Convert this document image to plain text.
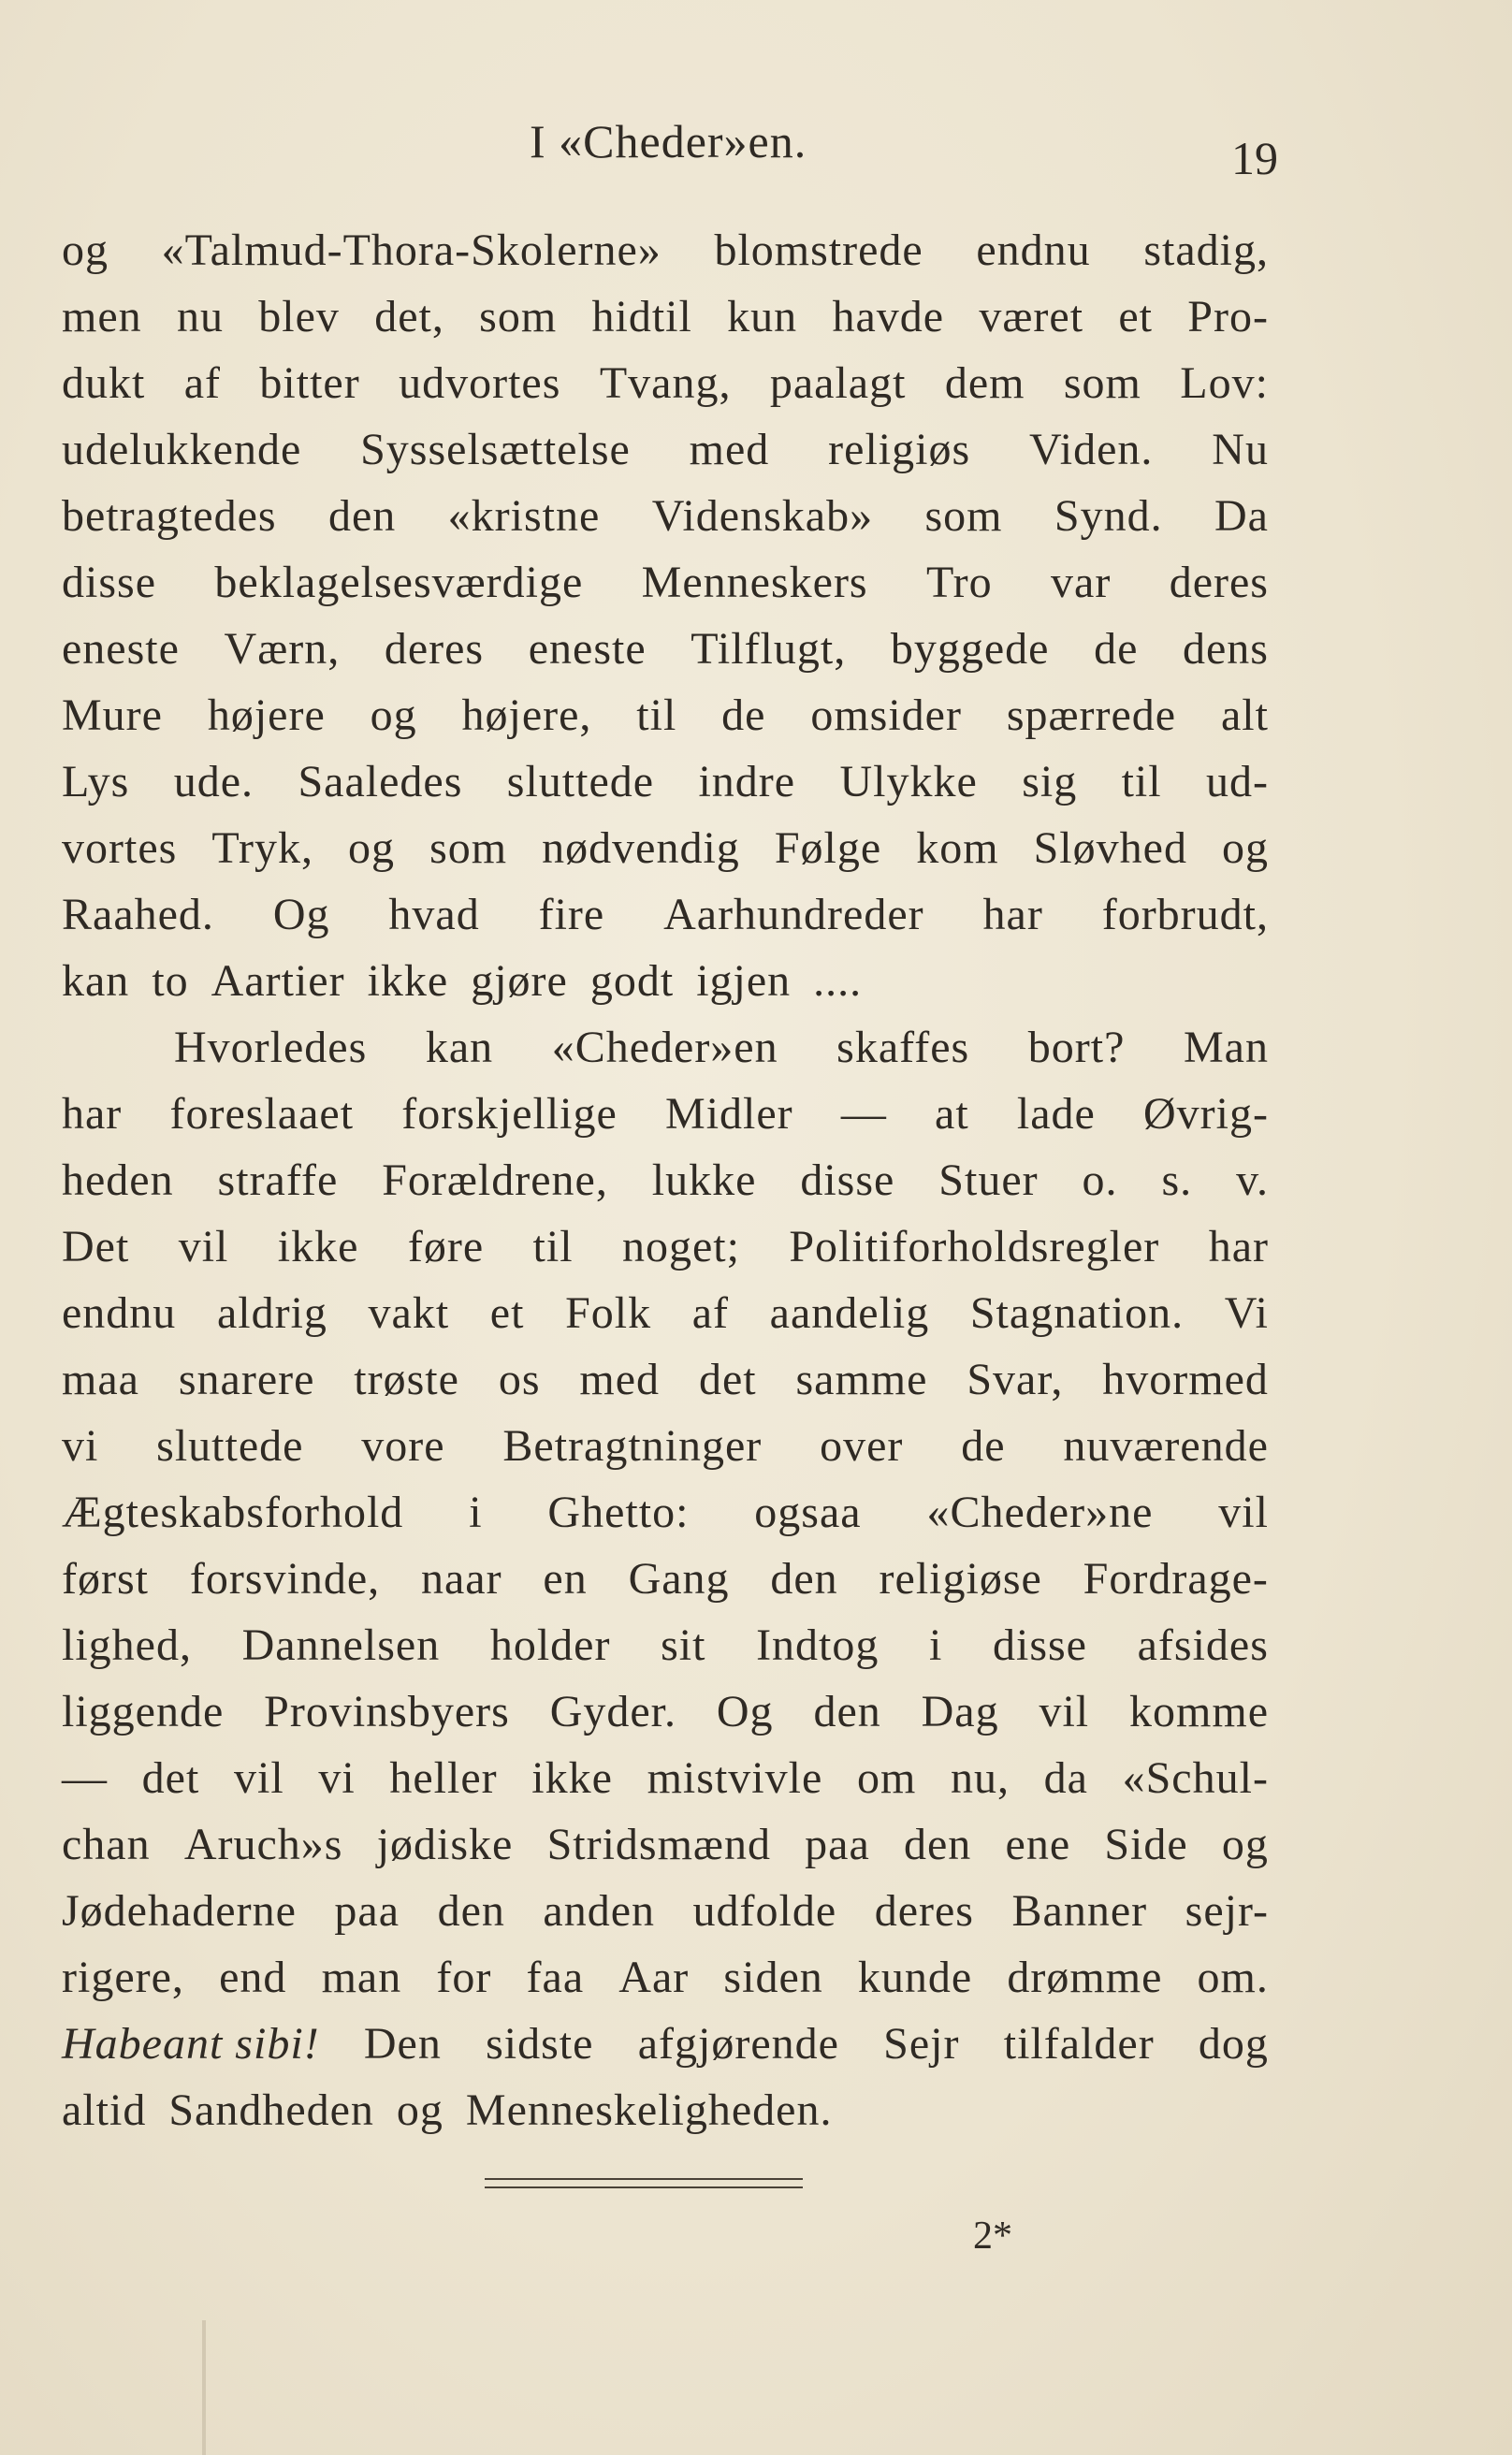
I «Cheder»en.	19
og «Talmud-Thora-Skolerne» blomstrede endnu stadig,
men nu blev det, som hidtil kun havde været et Pro-
dukt af bitter udvortes Tvang, paalagt dem som Lov:
udelukkende Sysselsættelse med religiøs Viden. Nu
betragtedes den «kristne Videnskab» som Synd. Da
disse beklagelsesværdige Menneskers Tro var deres
eneste Værn, deres eneste Tilflugt, byggede de dens
Mure højere og højere, til de omsider spærrede alt
Lys ude. Saaledes sluttede indre Ulykke sig til ud-
vortes Tryk, og som nødvendig Følge kom Sløvhed og
Raahed. Og hvad fire Aarhundreder har forbrudt,
kan to Aartier ikke gjøre godt igjen ....
Hvorledes kan «Cheder»en skaffes bort? Man
har foreslaaet forskjellige Midler — at lade Øvrig-
heden straffe Forældrene, lukke disse Stuer o. s. v.
Det vil ikke føre til noget; Politiforholdsregler har
endnu aldrig vakt et Folk af aandelig Stagnation. Vi
maa snarere trøste os med det samme Svar, hvormed
vi sluttede vore Betragtninger over de nuværende
Ægteskabsforhold i Ghetto: ogsaa «Cheder»ne vil
først forsvinde, naar en Gang den religiøse Fordrage-
lighed, Dannelsen holder sit Indtog i disse afsides
liggende Provinsbyers Gyder. Og den Dag vil komme
— det vil vi heller ikke mistvivle om nu, da «Schul-
chan Aruch»s jødiske Stridsmænd paa den ene Side og
Jødehaderne paa den anden udfolde deres Banner sejr-
rigere, end man for faa Aar siden kunde drømme om.
Habeant sibi! Den sidste afgjørende Sejr tilfalder dog
altid Sandheden og Menneskeligheden.
2*
